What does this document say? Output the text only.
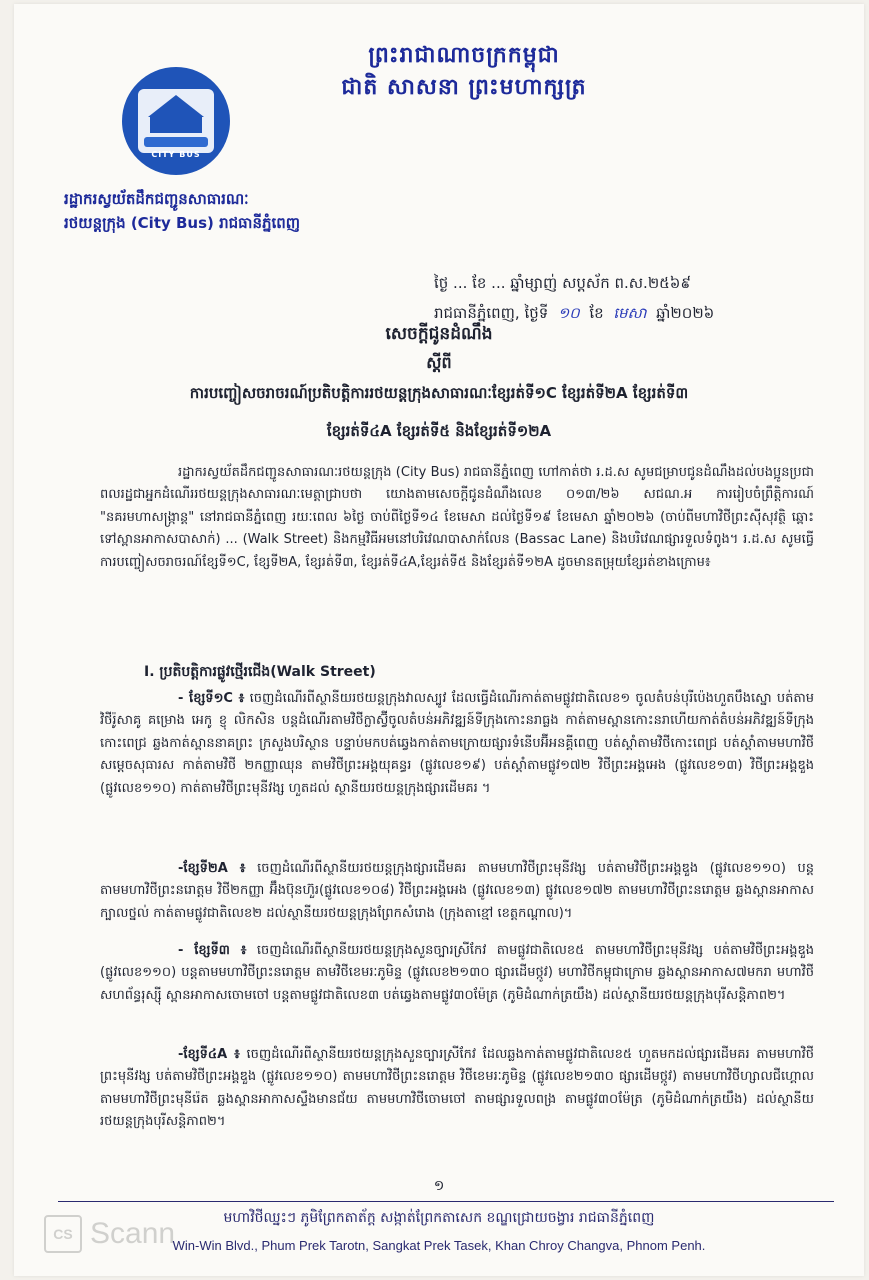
ព្រះរាជាណាចក្រកម្ពុជា
ជាតិ សាសនា ព្រះមហាក្សត្រ
CITY BUS
រដ្ឋាករស្វយ័តដឹកជញ្ជូនសាធារណៈ
រថយន្តក្រុង (City Bus) រាជធានីភ្នំពេញ
ថ្ងៃ ... ខែ ... ឆ្នាំម្សាញ់ សប្តស័ក ព.ស.២៥៦៩
រាជធានីភ្នំពេញ, ថ្ងៃទី ១០ ខែ មេសា ឆ្នាំ២០២៦
សេចក្តីជូនដំណឹង
ស្តីពី
ការបញ្ចៀសចរាចរណ៍ប្រតិបត្តិការរថយន្តក្រុងសាធារណៈខ្សែរត់ទី១C ខ្សែរត់ទី២A ខ្សែរត់ទី៣
ខ្សែរត់ទី៤A ខ្សែរត់ទី៥ និងខ្សែរត់ទី១២A
រដ្ឋាករស្វយ័តដឹកជញ្ជូនសាធារណៈរថយន្តក្រុង (City Bus) រាជធានីភ្នំពេញ ហៅកាត់ថា រ.ដ.ស សូមជម្រាបជូនដំណឹងដល់បងប្អូនប្រជាពលរដ្ឋជាអ្នកដំណើររថយន្តក្រុងសាធារណៈមេត្តាជ្រាបថា យោងតាមសេចក្តីជូនដំណឹងលេខ ០១៣/២៦ សជណ.អ ការរៀបចំព្រឹត្តិការណ៍ "នគរមហាសង្ក្រាន្ត" នៅរាជធានីភ្នំពេញ រយៈពេល ៦ថ្ងៃ ចាប់ពីថ្ងៃទី១៤ ខែមេសា ដល់ថ្ងៃទី១៩ ខែមេសា ឆ្នាំ២០២៦ (ចាប់ពីមហាវិថីព្រះស៊ីសុវត្ថិ ឆ្ពោះទៅស្ពានអាកាសបាសាក់) ... (Walk Street) និងកម្មវិធីអមនៅបរិវេណបាសាក់លែន (Bassac Lane) និងបរិវេណផ្សារទួលទំពូង។ រ.ដ.ស សូមធ្វើការបញ្ចៀសចរាចរណ៍ខ្សែទី១C, ខ្សែទី២A, ខ្សែរត់ទី៣, ខ្សែរត់ទី៤A,ខ្សែរត់ទី៥ និងខ្សែរត់ទី១២A ដូចមានតម្រុយខ្សែរត់ខាងក្រោម៖
I. ប្រតិបត្តិការផ្លូវថ្មើរជើង(Walk Street)
- ខ្សែទី១C ៖ ចេញដំណើរពីស្ថានីយរថយន្តក្រុងវាលស្បូវ ដែលធ្វើដំណើរកាត់តាមផ្លូវជាតិលេខ១ ចូលតំបន់បុរីប៉េងហួតបឹងស្នោ បត់តាមវិថីរ៉ូសាគូ គម្រោង អេកូ ខ្ញុ លិកសិន បន្តដំណើរតាមវិថីក្លាស្វ៊ីចូលតំបន់អភិវឌ្ឍន៍ទីក្រុងកោះនរាធ្លង កាត់តាមស្ពានកោះនរាហើយកាត់តំបន់អភិវឌ្ឍន៍ទីក្រុង កោះពេជ្រ ឆ្លងកាត់ស្ពាននាគព្រះ ក្រសួងបរិស្ថាន បន្ទាប់មកបត់ឆ្វេងកាត់តាមក្រោយផ្សារទំនើបអ៊ីអនគ្គីពេញ បត់ស្តាំតាមវិថីកោះពេជ្រ បត់ស្តាំតាមមហាវិថីសម្តេចសុធារស កាត់តាមវិថី ២កញ្ញាឈុន តាមវិថីព្រះអង្គយុគន្ធរ (ផ្លូវលេខ១៩) បត់ស្តាំតាមផ្លូវ១៧២ វិថីព្រះអង្គអេង (ផ្លូវលេខ១៣) វិថីព្រះអង្គឌួង (ផ្លូវលេខ១១០) កាត់តាមវិថីព្រះមុនីវង្ស ហួតដល់ ស្ថានីយរថយន្តក្រុងផ្សារដើមគរ ។
-ខ្សែទី២A ៖ ចេញដំណើរពីស្ថានីយរថយន្តក្រុងផ្សារដើមគរ តាមមហាវិថីព្រះមុនីវង្ស បត់តាមវិថីព្រះអង្គឌួង (ផ្លូវលេខ១១០) បន្តតាមមហាវិថីព្រះនរោត្តម វិថី២កញ្ញា អ៊ឹងប៊ុនហ៊ួរ(ផ្លូវលេខ១០៨) វិថីព្រះអង្គអេង (ផ្លូវលេខ១៣) ផ្លូវលេខ១៧២ តាមមហាវិថីព្រះនរោត្តម ឆ្លងស្ពានអាកាសក្បាលថ្នល់ កាត់តាមផ្លូវជាតិលេខ២ ដល់ស្ថានីយរថយន្តក្រុងព្រែកសំរោង (ក្រុងតាខ្មៅ ខេត្តកណ្តាល)។
- ខ្សែទី៣ ៖ ចេញដំណើរពីស្ថានីយរថយន្តក្រុងសួនច្បារស្រីកែវ តាមផ្លូវជាតិលេខ៥ តាមមហាវិថីព្រះមុនីវង្ស បត់តាមវិថីព្រះអង្គឌួង (ផ្លូវលេខ១១០) បន្តតាមមហាវិថីព្រះនរោត្តម តាមវិថីខេមរៈភូមិន្ទ (ផ្លូវលេខ២១៣០ ផ្សារដើមថ្កូវ) មហាវិថីកម្ពុជាក្រោម ឆ្លងស្ពានអាកាស៧មករា មហាវិថីសហព័ន្ធរុស្ស៊ី ស្ពានអាកាសចោមចៅ បន្តតាមផ្លូវជាតិលេខ៣ បត់ឆ្វេងតាមផ្លូវ៣០ម៉ែត្រ (ភូមិដំណាក់ត្រយឹង) ដល់ស្ថានីយរថយន្តក្រុងបុរីសន្តិភាព២។
-ខ្សែទី៤A ៖ ចេញដំណើរពីស្ថានីយរថយន្តក្រុងសួនច្បារស្រីកែវ ដែលឆ្លងកាត់តាមផ្លូវជាតិលេខ៥ ហួតមកដល់ផ្សារដើមគរ តាមមហាវិថីព្រះមុនីវង្ស បត់តាមវិថីព្រះអង្គឌួង (ផ្លូវលេខ១១០) តាមមហាវិថីព្រះនរោត្តម វិថីខេមរៈភូមិន្ទ (ផ្លូវលេខ២១៣០ ផ្សារដើមថ្កូវ) តាមមហាវិថីហ្សាលជីហ្គោល តាមមហាវិថីព្រះមុនីរ៉េត ឆ្លងស្ពានអាកាសស្ទឹងមានជ័យ តាមមហាវិថីចោមចៅ តាមផ្សារទួលពង្រ តាមផ្លូវ៣០ម៉ែត្រ (ភូមិដំណាក់ត្រយឹង) ដល់ស្ថានីយរថយន្តក្រុងបុរីសន្តិភាព២។
១
មហាវិថីឈ្នះៗ ភូមិព្រែកតាត័ក្ត សង្កាត់ព្រែកតាសេក ខណ្ឌជ្រោយចង្វារ រាជធានីភ្នំពេញ
Win-Win Blvd., Phum Prek Tarotn, Sangkat Prek Tasek, Khan Chroy Changva, Phnom Penh.
CS Scann
